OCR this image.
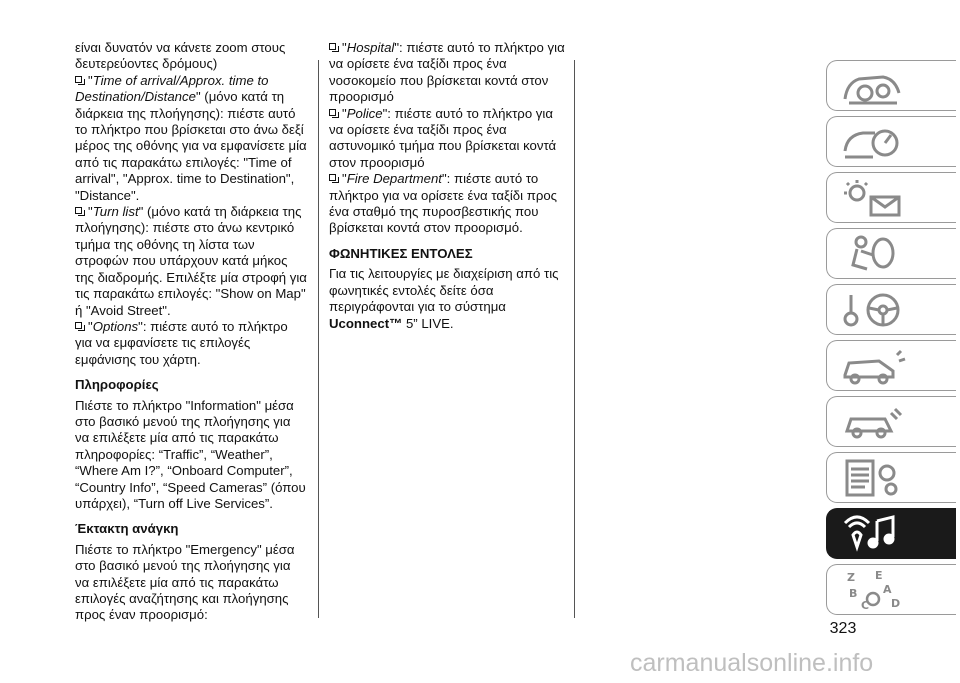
είναι δυνατόν να κάνετε zoom στους δευτερεύοντες δρόμους)

"Time of arrival/Approx. time to Destination/Distance" (μόνο κατά τη διάρκεια της πλοήγησης): πιέστε αυτό το πλήκτρο που βρίσκεται στο άνω δεξί μέρος της οθόνης για να εμφανίσετε μία από τις παρακάτω επιλογές: "Time of arrival", "Approx. time to Destination", "Distance".

"Turn list" (μόνο κατά τη διάρκεια της πλοήγησης): πιέστε στο άνω κεντρικό τμήμα της οθόνης τη λίστα των στροφών που υπάρχουν κατά μήκος της διαδρομής. Επιλέξτε μία στροφή για τις παρακάτω επιλογές: "Show on Map" ή "Avoid Street".

"Options": πιέστε αυτό το πλήκτρο για να εμφανίσετε τις επιλογές εμφάνισης του χάρτη.

Πληροφορίες

Πιέστε το πλήκτρο "Information" μέσα στο βασικό μενού της πλοήγησης για να επιλέξετε μία από τις παρακάτω πληροφορίες: “Traffic”, “Weather”, “Where Am I?”, “Onboard Computer”, “Country Info”, “Speed Cameras” (όπου υπάρχει), “Turn off Live Services”.

Έκτακτη ανάγκη

Πιέστε το πλήκτρο "Emergency" μέσα στο βασικό μενού της πλοήγησης για να επιλέξετε μία από τις παρακάτω επιλογές αναζήτησης και πλοήγησης προς έναν προορισμό:

"Hospital": πιέστε αυτό το πλήκτρο για να ορίσετε ένα ταξίδι προς ένα νοσοκομείο που βρίσκεται κοντά στον προορισμό

"Police": πιέστε αυτό το πλήκτρο για να ορίσετε ένα ταξίδι προς ένα αστυνομικό τμήμα που βρίσκεται κοντά στον προορισμό

"Fire Department": πιέστε αυτό το πλήκτρο για να ορίσετε ένα ταξίδι προς ένα σταθμό της πυροσβεστικής που βρίσκεται κοντά στον προορισμό.

ΦΩΝΗΤΙΚΕΣ ΕΝΤΟΛΕΣ

Για τις λειτουργίες με διαχείριση από τις φωνητικές εντολές δείτε όσα περιγράφονται για το σύστημα Uconnect™ 5” LIVE.

Z E
B A
C D
323
carmanualsonline.info
